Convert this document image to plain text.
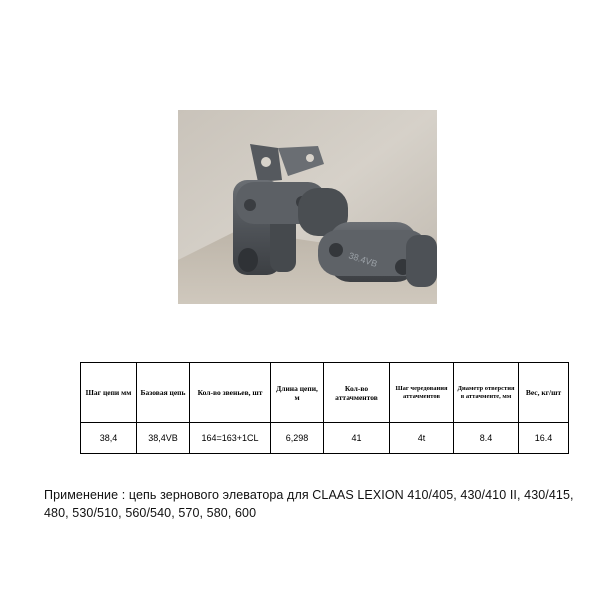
38.4VB
Шаг цепи мм	Базовая цепь	Кол-во звеньев, шт	Длина цепи, м	Кол-во аттачментов	Шаг чередования аттачментов	Диаметр отверстия в аттачменте, мм	Вес, кг/шт
38,4	38,4VB	164=163+1CL	6,298	41	4t	8.4	16.4
Применение : цепь зернового элеватора для CLAAS LEXION 410/405, 430/410 II, 430/415, 480, 530/510, 560/540, 570, 580, 600
